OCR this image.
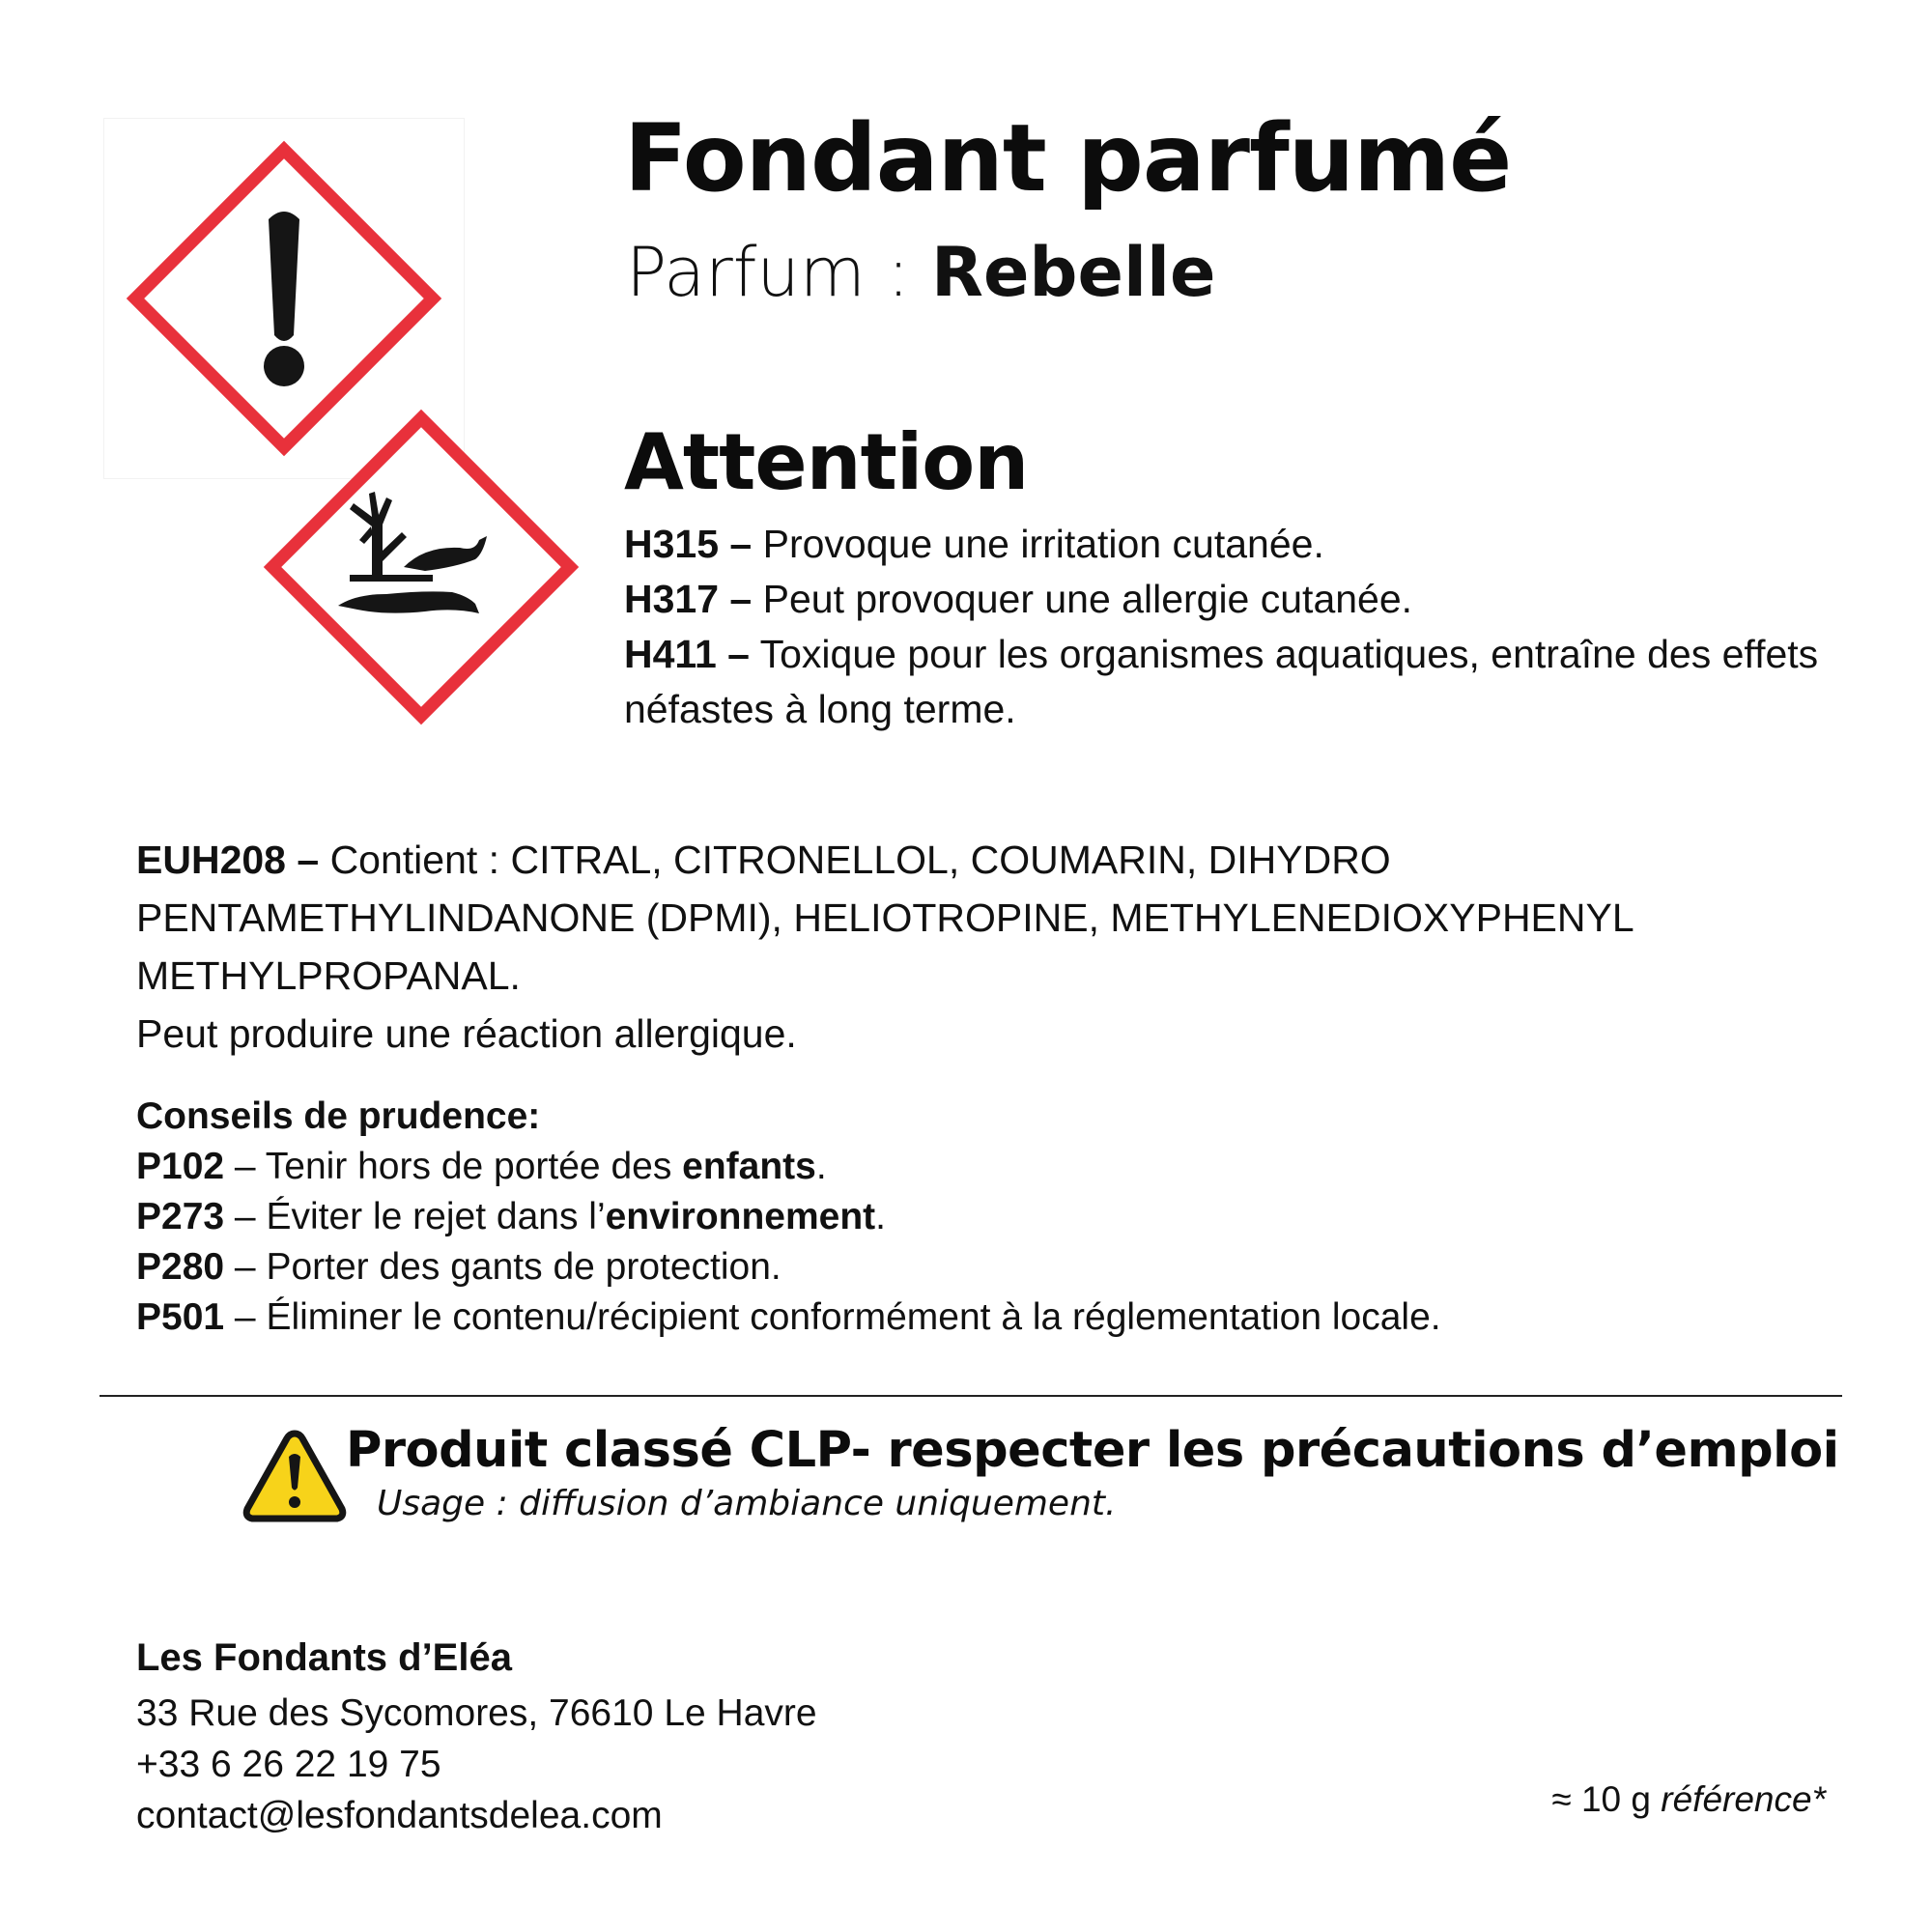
Fondant parfumé
Parfum : Rebelle
Attention
H315 – Provoque une irritation cutanée.
H317 – Peut provoquer une allergie cutanée.
H411 – Toxique pour les organismes aquatiques, entraîne des effets néfastes à long terme.
EUH208 – Contient : CITRAL, CITRONELLOL, COUMARIN, DIHYDRO PENTAMETHYLINDANONE (DPMI), HELIOTROPINE, METHYLENEDIOXYPHENYL METHYLPROPANAL.
Peut produire une réaction allergique.
Conseils de prudence:
P102 – Tenir hors de portée des enfants.
P273 – Éviter le rejet dans l’environnement.
P280 – Porter des gants de protection.
P501 – Éliminer le contenu/récipient conformément à la réglementation locale.
Produit classé CLP- respecter les précautions d’emploi
Usage : diffusion d’ambiance uniquement.
Les Fondants d’Eléa
33 Rue des Sycomores, 76610 Le Havre
+33 6 26 22 19 75
contact@lesfondantsdelea.com	≈ 10 g référence*
